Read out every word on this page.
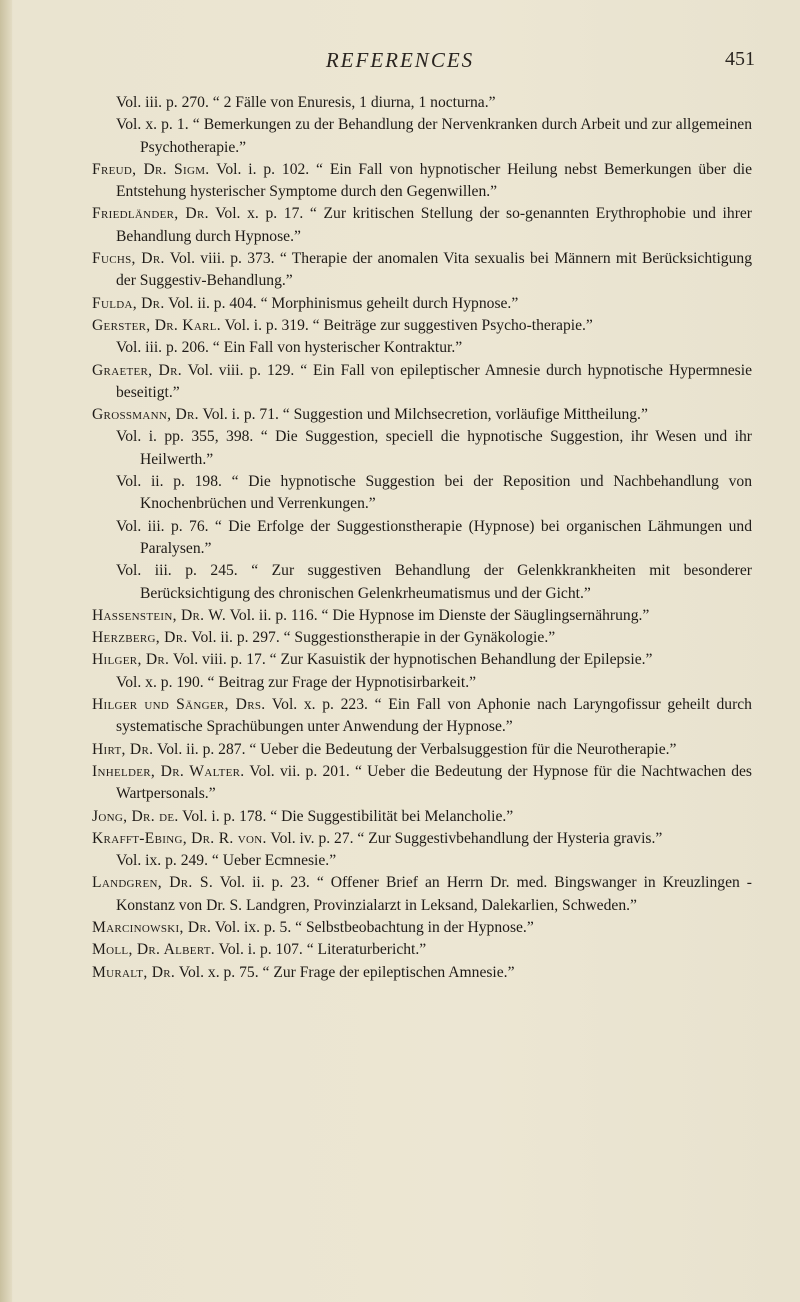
REFERENCES	451
Vol. iii. p. 270. “ 2 Fälle von Enuresis, 1 diurna, 1 nocturna.”
Vol. x. p. 1. “ Bemerkungen zu der Behandlung der Nervenkranken durch Arbeit und zur allgemeinen Psychotherapie.”
Freud, Dr. Sigm. Vol. i. p. 102. “ Ein Fall von hypnotischer Heilung nebst Bemerkungen über die Entstehung hysterischer Symptome durch den Gegenwillen.”
Friedländer, Dr. Vol. x. p. 17. “ Zur kritischen Stellung der so-genannten Erythrophobie und ihrer Behandlung durch Hypnose.”
Fuchs, Dr. Vol. viii. p. 373. “ Therapie der anomalen Vita sexualis bei Männern mit Berücksichtigung der Suggestiv-Behandlung.”
Fulda, Dr. Vol. ii. p. 404. “ Morphinismus geheilt durch Hypnose.”
Gerster, Dr. Karl. Vol. i. p. 319. “ Beiträge zur suggestiven Psycho-therapie.”
Vol. iii. p. 206. “ Ein Fall von hysterischer Kontraktur.”
Graeter, Dr. Vol. viii. p. 129. “ Ein Fall von epileptischer Amnesie durch hypnotische Hypermnesie beseitigt.”
Grossmann, Dr. Vol. i. p. 71. “ Suggestion und Milchsecretion, vorläufige Mittheilung.”
Vol. i. pp. 355, 398. “ Die Suggestion, speciell die hypnotische Suggestion, ihr Wesen und ihr Heilwerth.”
Vol. ii. p. 198. “ Die hypnotische Suggestion bei der Reposition und Nachbehandlung von Knochenbrüchen und Verrenkungen.”
Vol. iii. p. 76. “ Die Erfolge der Suggestionstherapie (Hypnose) bei organischen Lähmungen und Paralysen.”
Vol. iii. p. 245. “ Zur suggestiven Behandlung der Gelenkkrankheiten mit besonderer Berücksichtigung des chronischen Gelenkrheumatismus und der Gicht.”
Hassenstein, Dr. W. Vol. ii. p. 116. “ Die Hypnose im Dienste der Säuglingsernährung.”
Herzberg, Dr. Vol. ii. p. 297. “ Suggestionstherapie in der Gynäkologie.”
Hilger, Dr. Vol. viii. p. 17. “ Zur Kasuistik der hypnotischen Behandlung der Epilepsie.”
Vol. x. p. 190. “ Beitrag zur Frage der Hypnotisirbarkeit.”
Hilger und Sänger, Drs. Vol. x. p. 223. “ Ein Fall von Aphonie nach Laryngofissur geheilt durch systematische Sprachübungen unter Anwendung der Hypnose.”
Hirt, Dr. Vol. ii. p. 287. “ Ueber die Bedeutung der Verbalsuggestion für die Neurotherapie.”
Inhelder, Dr. Walter. Vol. vii. p. 201. “ Ueber die Bedeutung der Hypnose für die Nachtwachen des Wartpersonals.”
Jong, Dr. de. Vol. i. p. 178. “ Die Suggestibilität bei Melancholie.”
Krafft-Ebing, Dr. R. von. Vol. iv. p. 27. “ Zur Suggestivbehandlung der Hysteria gravis.”
Vol. ix. p. 249. “ Ueber Ecmnesie.”
Landgren, Dr. S. Vol. ii. p. 23. “ Offener Brief an Herrn Dr. med. Bingswanger in Kreuzlingen - Konstanz von Dr. S. Landgren, Provinzialarzt in Leksand, Dalekarlien, Schweden.”
Marcinowski, Dr. Vol. ix. p. 5. “ Selbstbeobachtung in der Hypnose.”
Moll, Dr. Albert. Vol. i. p. 107. “ Literaturbericht.”
Muralt, Dr. Vol. x. p. 75. “ Zur Frage der epileptischen Amnesie.”
